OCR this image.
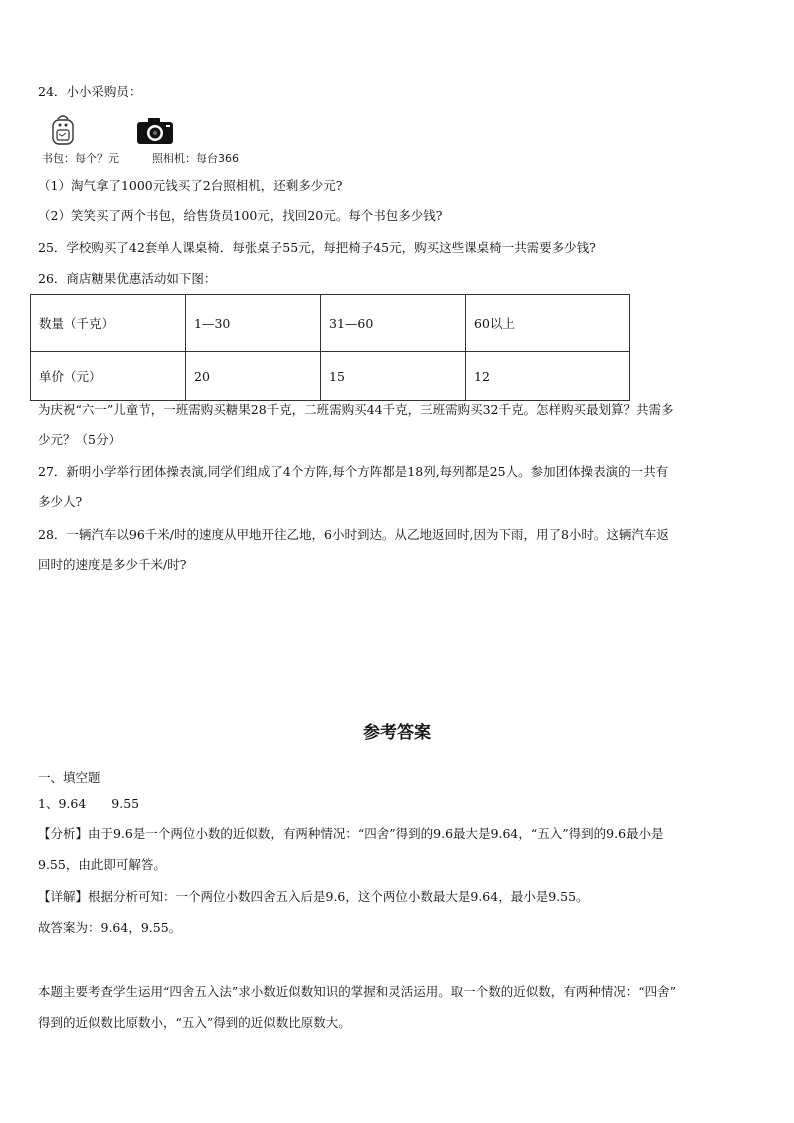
24．小小采购员：
书包：每个？元	照相机：每台366
（1）淘气拿了1000元钱买了2台照相机，还剩多少元?
（2）笑笑买了两个书包，给售货员100元，找回20元。每个书包多少钱?
25．学校购买了42套单人课桌椅．每张桌子55元，每把椅子45元，购买这些课桌椅一共需要多少钱?
26．商店糖果优惠活动如下图：
数量（千克）	1—30	31—60	60以上
单价（元）	20	15	12
为庆祝“六一”儿童节，一班需购买糖果28千克，二班需购买44千克，三班需购买32千克。怎样购买最划算？共需多
少元？（5分）
27．新明小学举行团体操表演,同学们组成了4个方阵,每个方阵都是18列,每列都是25人。参加团体操表演的一共有
多少人?
28．一辆汽车以96千米/时的速度从甲地开往乙地，6小时到达。从乙地返回时,因为下雨，用了8小时。这辆汽车返
回时的速度是多少千米/时?
参考答案
一、填空题
1、9.64　　9.55
【分析】由于9.6是一个两位小数的近似数，有两种情况：“四舍”得到的9.6最大是9.64，“五入”得到的9.6最小是
9.55，由此即可解答。
【详解】根据分析可知：一个两位小数四舍五入后是9.6，这个两位小数最大是9.64，最小是9.55。
故答案为：9.64，9.55。
本题主要考查学生运用“四舍五入法”求小数近似数知识的掌握和灵活运用。取一个数的近似数，有两种情况：“四舍”
得到的近似数比原数小，“五入”得到的近似数比原数大。
